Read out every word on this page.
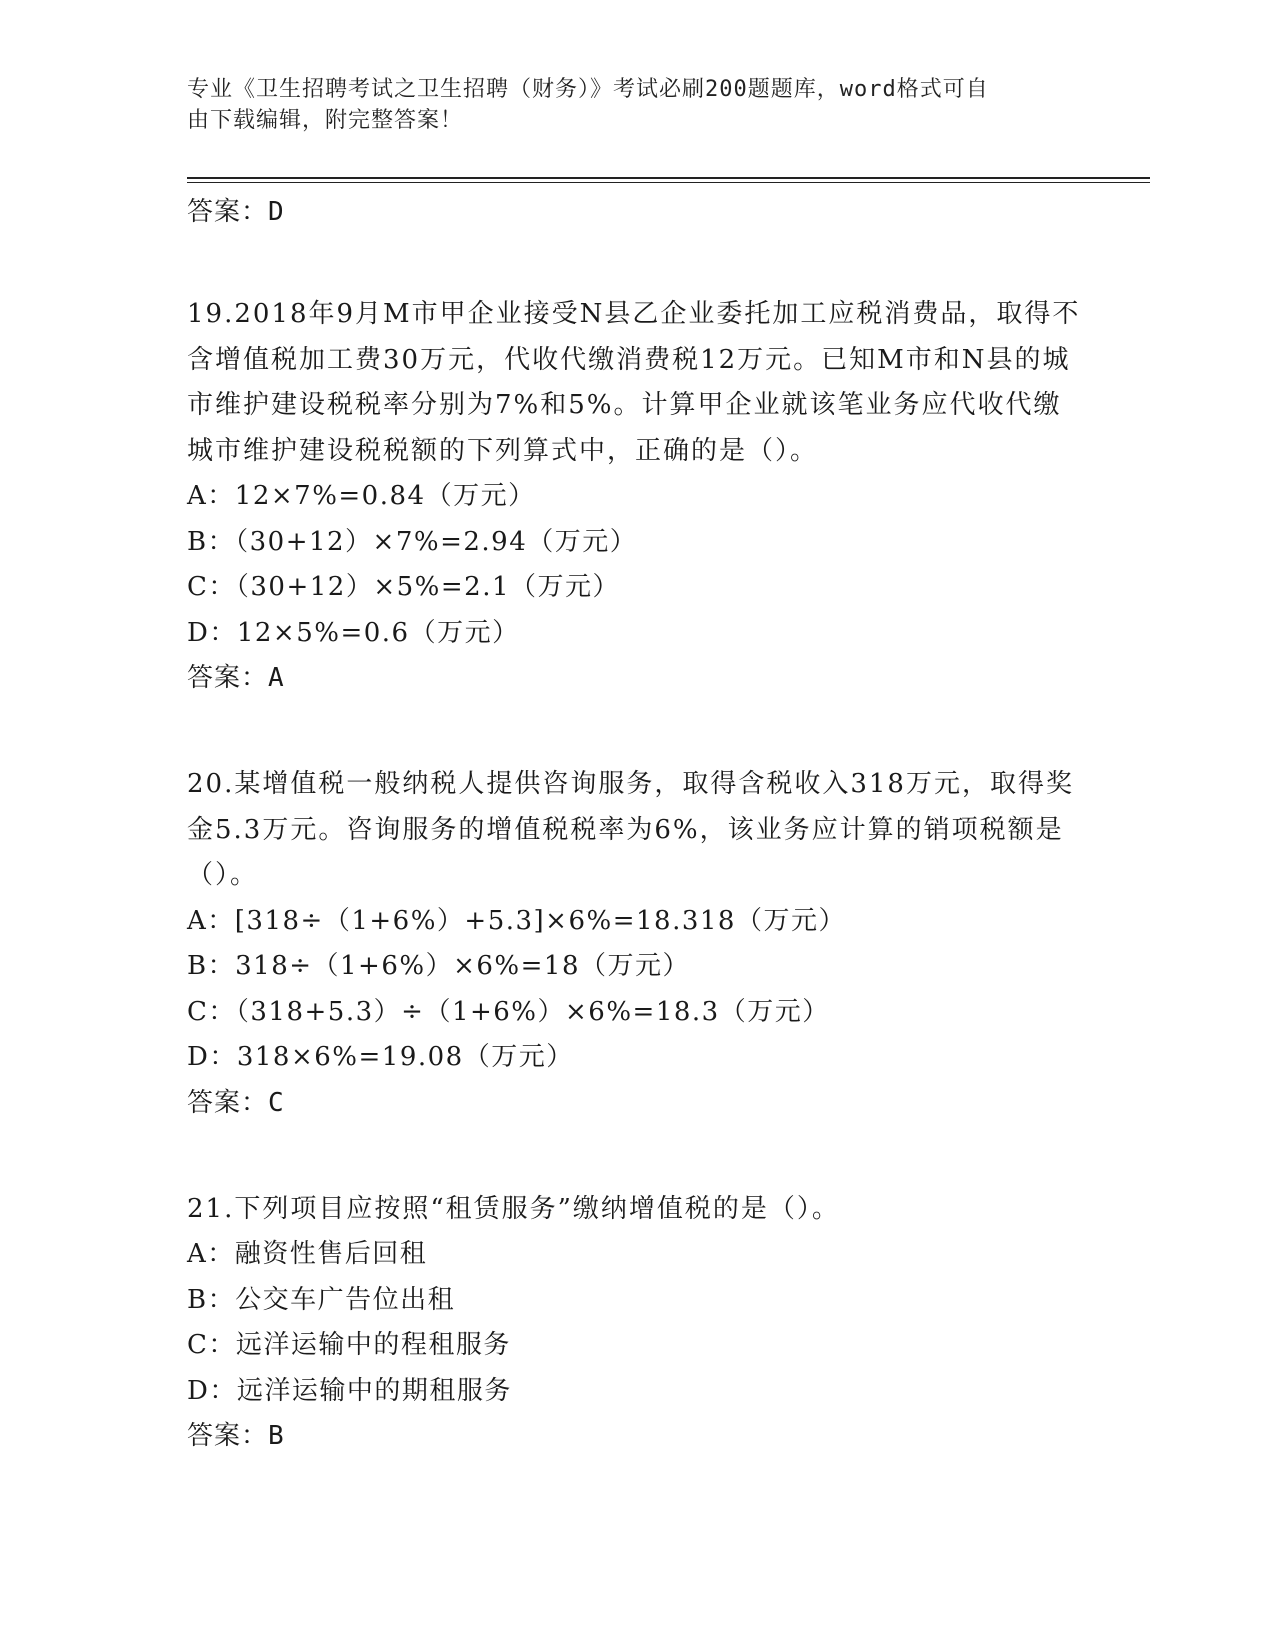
专业《卫生招聘考试之卫生招聘（财务）》考试必刷200题题库，word格式可自
由下载编辑，附完整答案！
答案：D

19.2018年9月M市甲企业接受N县乙企业委托加工应税消费品，取得不含增值税加工费30万元，代收代缴消费税12万元。已知M市和N县的城市维护建设税税率分别为7%和5%。计算甲企业就该笔业务应代收代缴城市维护建设税税额的下列算式中，正确的是（）。

A：12×7%=0.84（万元）
B：（30+12）×7%=2.94（万元）
C：（30+12）×5%=2.1（万元）
D：12×5%=0.6（万元）
答案：A

20.某增值税一般纳税人提供咨询服务，取得含税收入318万元，取得奖金5.3万元。咨询服务的增值税税率为6%，该业务应计算的销项税额是（）。

A：[318÷（1+6%）+5.3]×6%=18.318（万元）
B：318÷（1+6%）×6%=18（万元）
C：（318+5.3）÷（1+6%）×6%=18.3（万元）
D：318×6%=19.08（万元）
答案：C

21.下列项目应按照“租赁服务”缴纳增值税的是（）。

A：融资性售后回租
B：公交车广告位出租
C：远洋运输中的程租服务
D：远洋运输中的期租服务
答案：B
